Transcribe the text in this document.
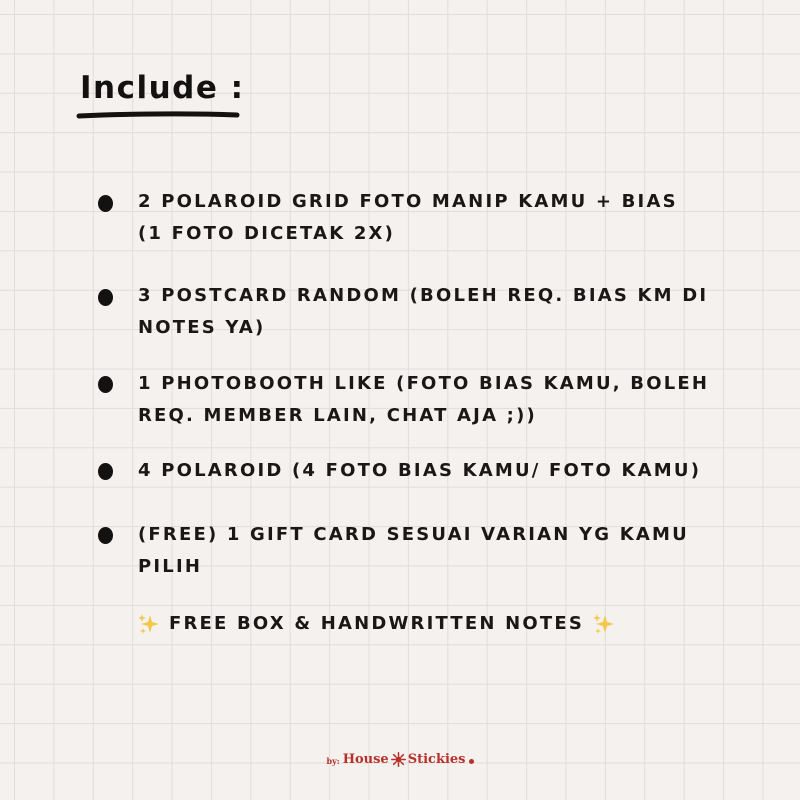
Include :
2 POLAROID GRID FOTO MANIP KAMU + BIAS
(1 FOTO DICETAK 2X)
3 POSTCARD RANDOM (BOLEH REQ. BIAS KM DI
NOTES YA)
1 PHOTOBOOTH LIKE (FOTO BIAS KAMU, BOLEH
REQ. MEMBER LAIN, CHAT AJA ;))
4 POLAROID (4 FOTO BIAS KAMU/ FOTO KAMU)
(FREE) 1 GIFT CARD SESUAI VARIAN YG KAMU
PILIH
FREE BOX & HANDWRITTEN NOTES
by: House Stickies
